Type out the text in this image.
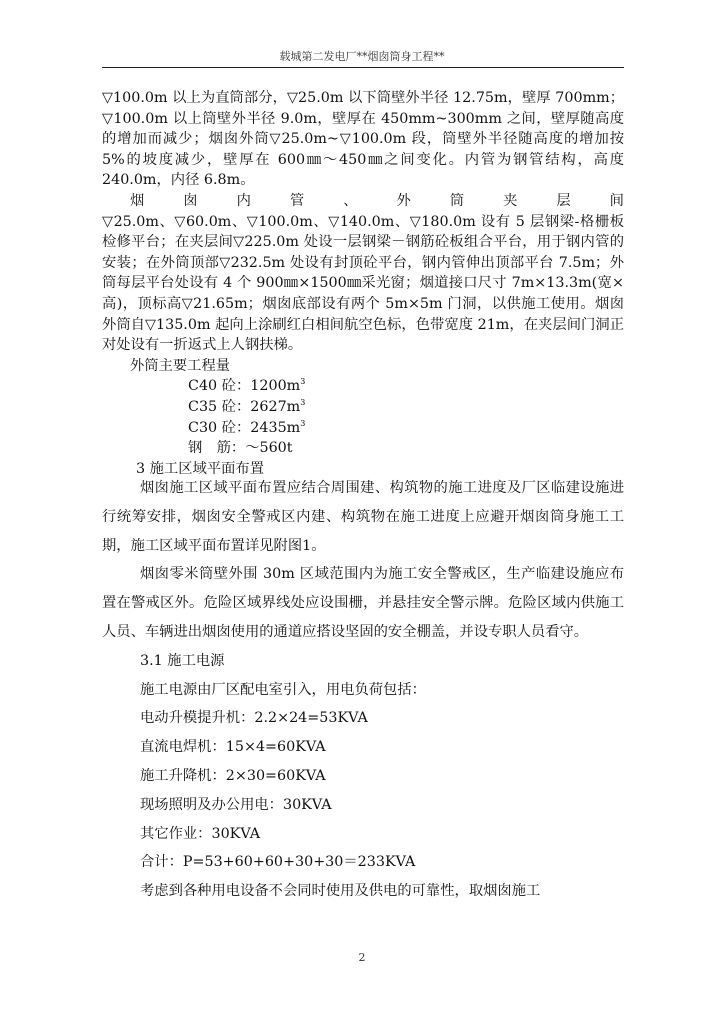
载城第二发电厂**烟囱筒身工程**

▽100.0m 以上为直筒部分，▽25.0m 以下筒壁外半径 12.75m，壁厚 700mm；▽100.0m 以上筒壁外半径 9.0m，壁厚在 450mm~300mm 之间，壁厚随高度的增加而减少；烟囱外筒▽25.0m~▽100.0m 段，筒壁外半径随高度的增加按 5%的坡度减少，壁厚在 600㎜～450㎜之间变化。内管为钢管结构，高度 240.0m，内径 6.8m。

烟	囱	内	管	、	外	筒	夹	层	间

▽25.0m、▽60.0m、▽100.0m、▽140.0m、▽180.0m 设有 5 层钢梁-格栅板检修平台；在夹层间▽225.0m 处设一层钢梁－钢筋砼板组合平台，用于钢内管的安装；在外筒顶部▽232.5m 处设有封顶砼平台，钢内管伸出顶部平台 7.5m；外筒每层平台处设有 4 个 900㎜×1500㎜采光窗；烟道接口尺寸 7m×13.3m(宽×高)，顶标高▽21.65m；烟囱底部设有两个 5m×5m 门洞，以供施工使用。烟囱外筒自▽135.0m 起向上涂刷红白相间航空色标，色带宽度 21m，在夹层间门洞正对处设有一折返式上人钢扶梯。

外筒主要工程量

C40 砼：$1200m^3$

C35 砼：$2627m^3$

C30 砼：$2435m^3$

钢　筋：～560t

3 施工区域平面布置

烟囱施工区域平面布置应结合周围建、构筑物的施工进度及厂区临建设施进行统筹安排，烟囱安全警戒区内建、构筑物在施工进度上应避开烟囱筒身施工工期，施工区域平面布置详见附图1。

烟囱零米筒壁外围 30m 区域范围内为施工安全警戒区，生产临建设施应布置在警戒区外。危险区域界线处应设围栅，并悬挂安全警示牌。危险区域内供施工人员、车辆进出烟囱使用的通道应搭设坚固的安全棚盖，并设专职人员看守。

3.1 施工电源

施工电源由厂区配电室引入，用电负荷包括：

电动升模提升机：2.2×24=53KVA

直流电焊机：15×4=60KVA

施工升降机：2×30=60KVA

现场照明及办公用电：30KVA

其它作业：30KVA

合计：P=53+60+60+30+30＝233KVA

考虑到各种用电设备不会同时使用及供电的可靠性，取烟囱施工

2
